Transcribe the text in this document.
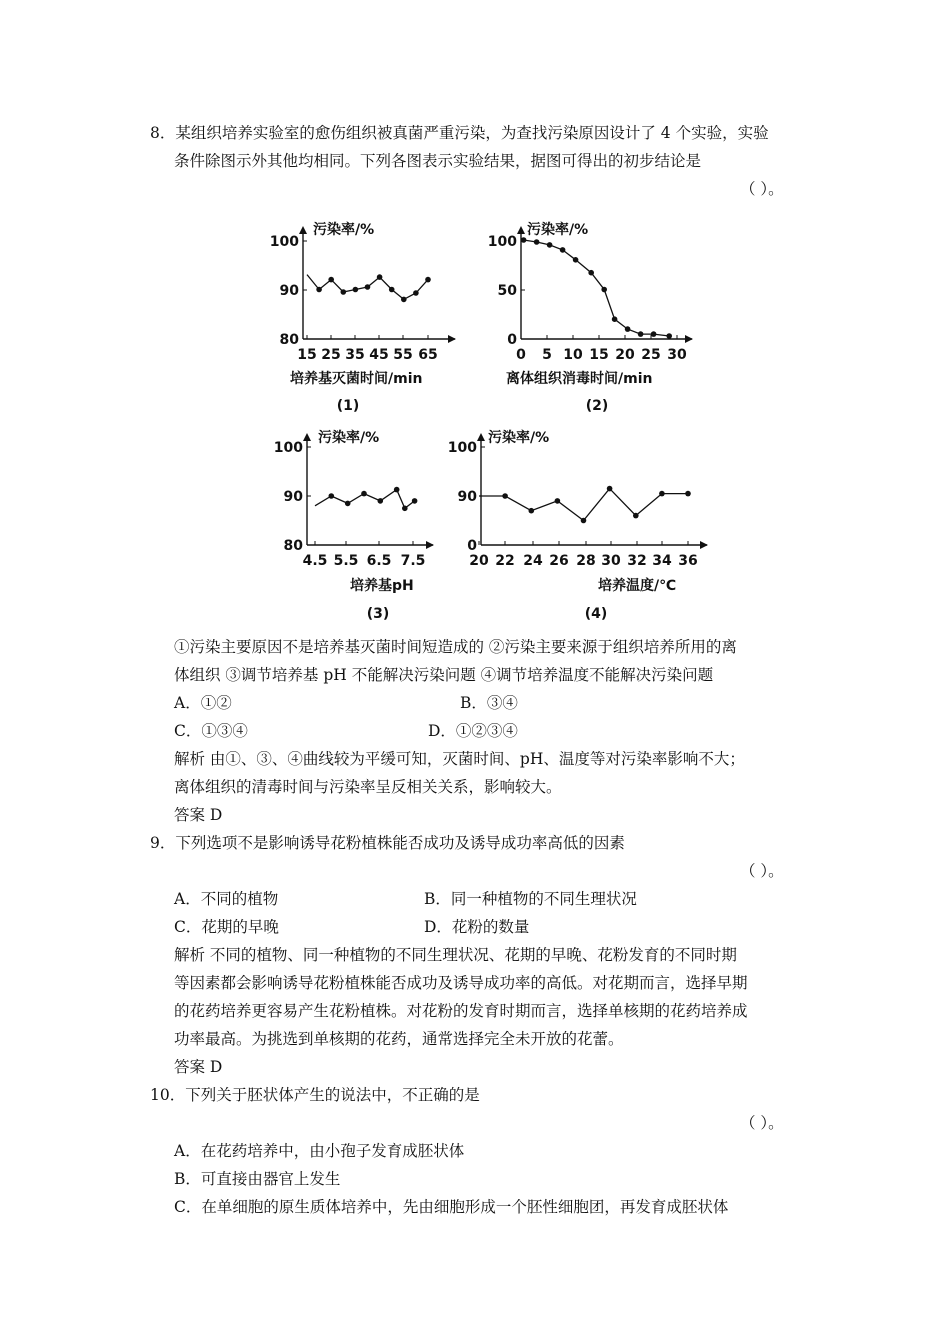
8．某组织培养实验室的愈伤组织被真菌严重污染，为查找污染原因设计了 4 个实验，实验
条件除图示外其他均相同。下列各图表示实验结果，据图可得出的初步结论是
（ ）。
污染率/%
100
90
80
15 25 35 45 55 65
培养基灭菌时间/min
(1)
污染率/%
100
50
0
0 5 10 15 20 25 30
离体组织消毒时间/min
(2)
污染率/%
100
90
80
4.5 5.5 6.5 7.5
培养基pH
(3)
污染率/%
100
90
0
20 22 24 26 28 30 32 34 36
培养温度/℃
(4)
①污染主要原因不是培养基灭菌时间短造成的 ②污染主要来源于组织培养所用的离
体组织 ③调节培养基 pH 不能解决污染问题 ④调节培养温度不能解决污染问题
A．①②	B．③④
C．①③④	D．①②③④
解析 由①、③、④曲线较为平缓可知，灭菌时间、pH、温度等对污染率影响不大；
离体组织的清毒时间与污染率呈反相关关系，影响较大。
答案 D
9．下列选项不是影响诱导花粉植株能否成功及诱导成功率高低的因素
（ ）。
A．不同的植物	B．同一种植物的不同生理状况
C．花期的早晚	D．花粉的数量
解析 不同的植物、同一种植物的不同生理状况、花期的早晚、花粉发育的不同时期
等因素都会影响诱导花粉植株能否成功及诱导成功率的高低。对花期而言，选择早期
的花药培养更容易产生花粉植株。对花粉的发育时期而言，选择单核期的花药培养成
功率最高。为挑选到单核期的花药，通常选择完全未开放的花蕾。
答案 D
10．下列关于胚状体产生的说法中，不正确的是
（ ）。
A．在花药培养中，由小孢子发育成胚状体
B．可直接由器官上发生
C．在单细胞的原生质体培养中，先由细胞形成一个胚性细胞团，再发育成胚状体
